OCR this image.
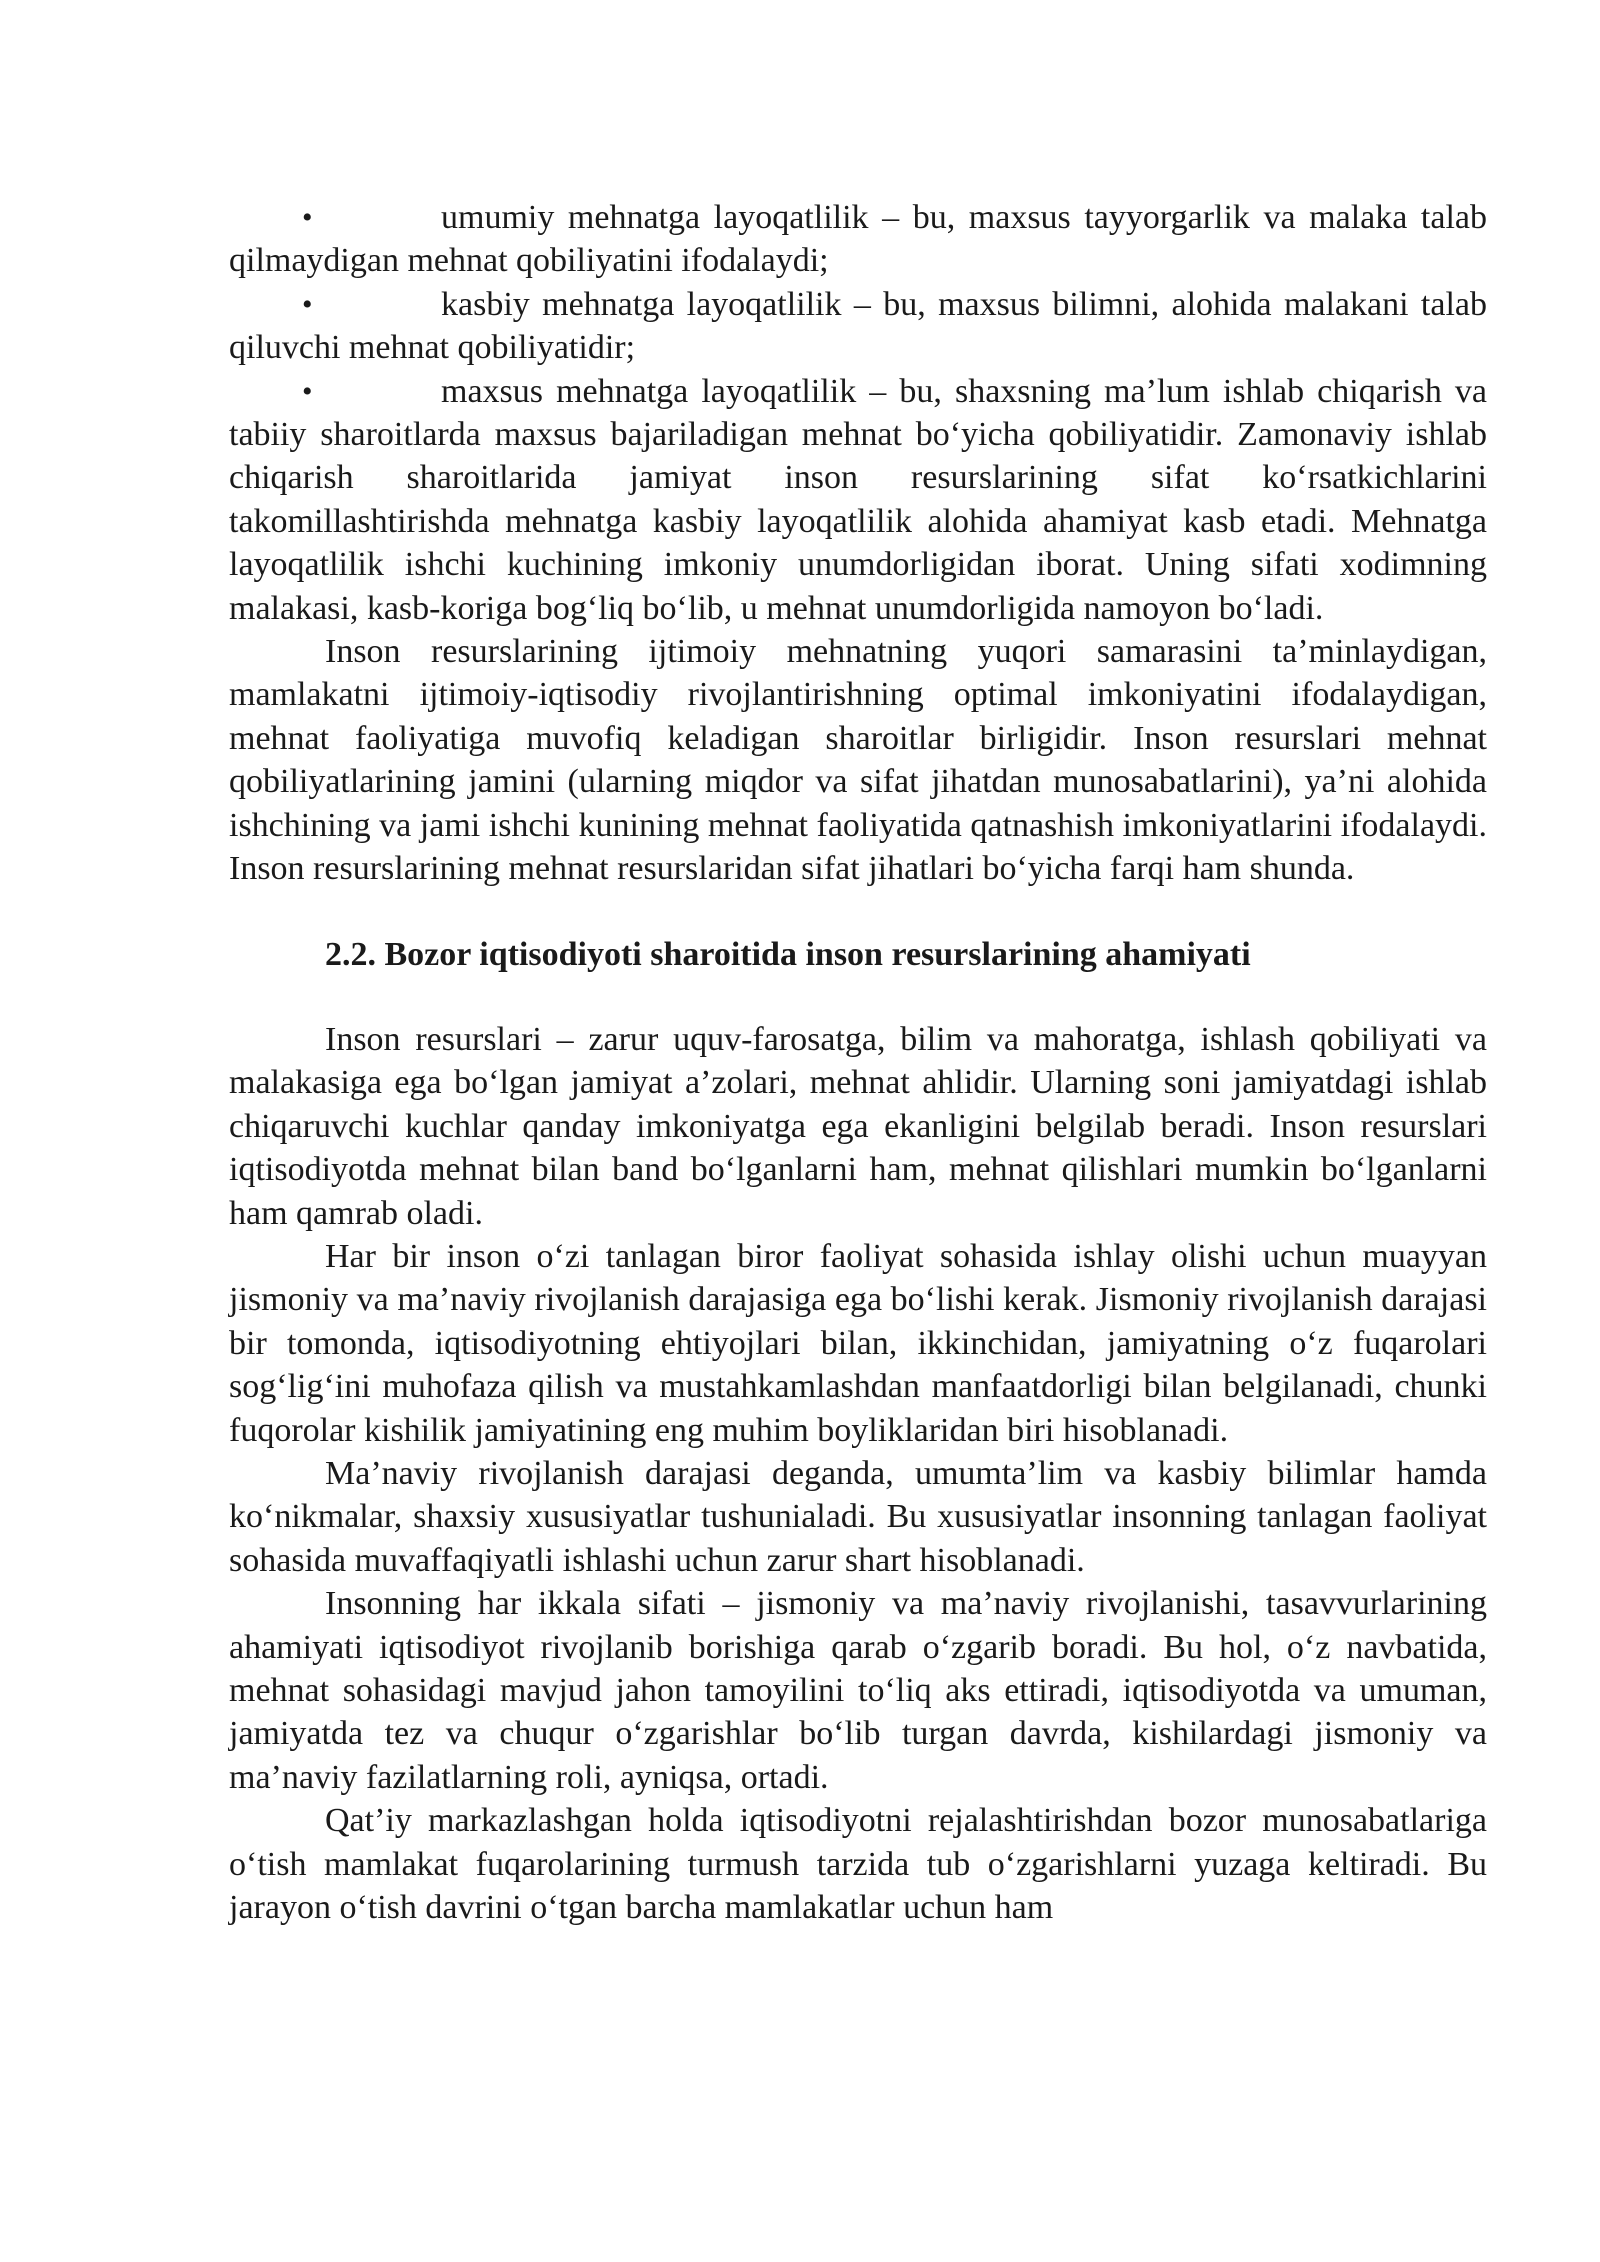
•	umumiy mehnatga layoqatlilik – bu, maxsus tayyorgarlik va malaka talab qilmaydigan mehnat qobiliyatini ifodalaydi;

•	kasbiy mehnatga layoqatlilik – bu, maxsus bilimni, alohida malakani talab qiluvchi mehnat qobiliyatidir;

•	maxsus mehnatga layoqatlilik – bu, shaxsning ma’lum ishlab chiqarish va tabiiy sharoitlarda maxsus bajariladigan mehnat bo‘yicha qobiliyatidir. Zamonaviy ishlab chiqarish sharoitlarida jamiyat inson resurslarining sifat ko‘rsatkichlarini takomillashtirishda mehnatga kasbiy layoqatlilik alohida ahamiyat kasb etadi. Mehnatga layoqatlilik ishchi kuchining imkoniy unumdorligidan iborat. Uning sifati xodimning malakasi, kasb-koriga bog‘liq bo‘lib, u mehnat unumdorligida namoyon bo‘ladi.

Inson resurslarining ijtimoiy mehnatning yuqori samarasini ta’minlaydigan, mamlakatni ijtimoiy-iqtisodiy rivojlantirishning optimal imkoniyatini ifodalaydigan, mehnat faoliyatiga muvofiq keladigan sharoitlar birligidir. Inson resurslari mehnat qobiliyatlarining jamini (ularning miqdor va sifat jihatdan munosabatlarini), ya’ni alohida ishchining va jami ishchi kunining mehnat faoliyatida qatnashish imkoniyatlarini ifodalaydi. Inson resurslarining mehnat resurslaridan sifat jihatlari bo‘yicha farqi ham shunda.

2.2. Bozor iqtisodiyoti sharoitida inson resurslarining ahamiyati

Inson resurslari – zarur uquv-farosatga, bilim va mahoratga, ishlash qobiliyati va malakasiga ega bo‘lgan jamiyat a’zolari, mehnat ahlidir. Ularning soni jamiyatdagi ishlab chiqaruvchi kuchlar qanday imkoniyatga ega ekanligini belgilab beradi. Inson resurslari iqtisodiyotda mehnat bilan band bo‘lganlarni ham, mehnat qilishlari mumkin bo‘lganlarni ham qamrab oladi.

Har bir inson o‘zi tanlagan biror faoliyat sohasida ishlay olishi uchun muayyan jismoniy va ma’naviy rivojlanish darajasiga ega bo‘lishi kerak. Jismoniy rivojlanish darajasi bir tomonda, iqtisodiyotning ehtiyojlari bilan, ikkinchidan, jamiyatning o‘z fuqarolari sog‘lig‘ini muhofaza qilish va mustahkamlashdan manfaatdorligi bilan belgilanadi, chunki fuqorolar kishilik jamiyatining eng muhim boyliklaridan biri hisoblanadi.

Ma’naviy rivojlanish darajasi deganda, umumta’lim va kasbiy bilimlar hamda ko‘nikmalar, shaxsiy xususiyatlar tushunialadi. Bu xususiyatlar insonning tanlagan faoliyat sohasida muvaffaqiyatli ishlashi uchun zarur shart hisoblanadi.

Insonning har ikkala sifati – jismoniy va ma’naviy rivojlanishi, tasavvurlarining ahamiyati iqtisodiyot rivojlanib borishiga qarab o‘zgarib boradi. Bu hol, o‘z navbatida, mehnat sohasidagi mavjud jahon tamoyilini to‘liq aks ettiradi, iqtisodiyotda va umuman, jamiyatda tez va chuqur o‘zgarishlar bo‘lib turgan davrda, kishilardagi jismoniy va ma’naviy fazilatlarning roli, ayniqsa, ortadi.

Qat’iy markazlashgan holda iqtisodiyotni rejalashtirishdan bozor munosabatlariga o‘tish mamlakat fuqarolarining turmush tarzida tub o‘zgarishlarni yuzaga keltiradi. Bu jarayon o‘tish davrini o‘tgan barcha mamlakatlar uchun ham
